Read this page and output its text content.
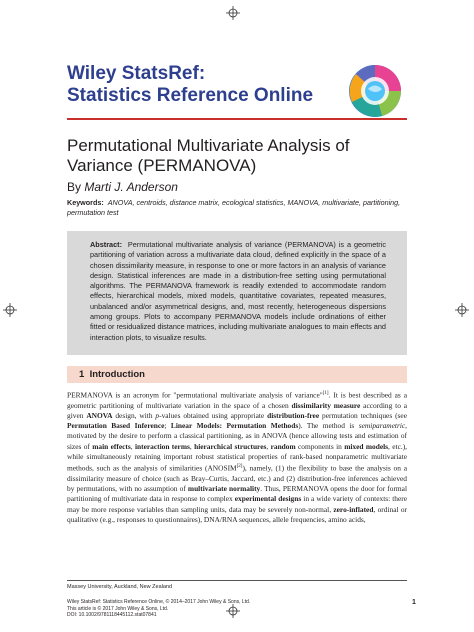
Wiley StatsRef:
Statistics Reference Online
Permutational Multivariate Analysis of Variance (PERMANOVA)
By Marti J. Anderson
Keywords: ANOVA, centroids, distance matrix, ecological statistics, MANOVA, multivariate, partitioning, permutation test
Abstract: Permutational multivariate analysis of variance (PERMANOVA) is a geometric partitioning of variation across a multivariate data cloud, defined explicitly in the space of a chosen dissimilarity measure, in response to one or more factors in an analysis of variance design. Statistical inferences are made in a distribution-free setting using permutational algorithms. The PERMANOVA framework is readily extended to accommodate random effects, hierarchical models, mixed models, quantitative covariates, repeated measures, unbalanced and/or asymmetrical designs, and, most recently, heterogeneous dispersions among groups. Plots to accompany PERMANOVA models include ordinations of either fitted or residualized distance matrices, including multivariate analogues to main effects and interaction plots, to visualize results.
1 Introduction
PERMANOVA is an acronym for "permutational multivariate analysis of variance"[1]. It is best described as a geometric partitioning of multivariate variation in the space of a chosen dissimilarity measure according to a given ANOVA design, with p-values obtained using appropriate distribution-free permutation techniques (see Permutation Based Inference; Linear Models: Permutation Methods). The method is semiparametric, motivated by the desire to perform a classical partitioning, as in ANOVA (hence allowing tests and estimation of sizes of main effects, interaction terms, hierarchical structures, random components in mixed models, etc.), while simultaneously retaining important robust statistical properties of rank-based nonparametric multivariate methods, such as the analysis of similarities (ANOSIM[2]), namely, (1) the flexibility to base the analysis on a dissimilarity measure of choice (such as Bray–Curtis, Jaccard, etc.) and (2) distribution-free inferences achieved by permutations, with no assumption of multivariate normality. Thus, PERMANOVA opens the door for formal partitioning of multivariate data in response to complex experimental designs in a wide variety of contexts: there may be more response variables than sampling units, data may be severely non-normal, zero-inflated, ordinal or qualitative (e.g., responses to questionnaires), DNA/RNA sequences, allele frequencies, amino acids,
Massey University, Auckland, New Zealand
Wiley StatsRef: Statistics Reference Online, © 2014–2017 John Wiley & Sons, Ltd.
This article is © 2017 John Wiley & Sons, Ltd.
DOI: 10.1002/9781118445112.stat07841
1
